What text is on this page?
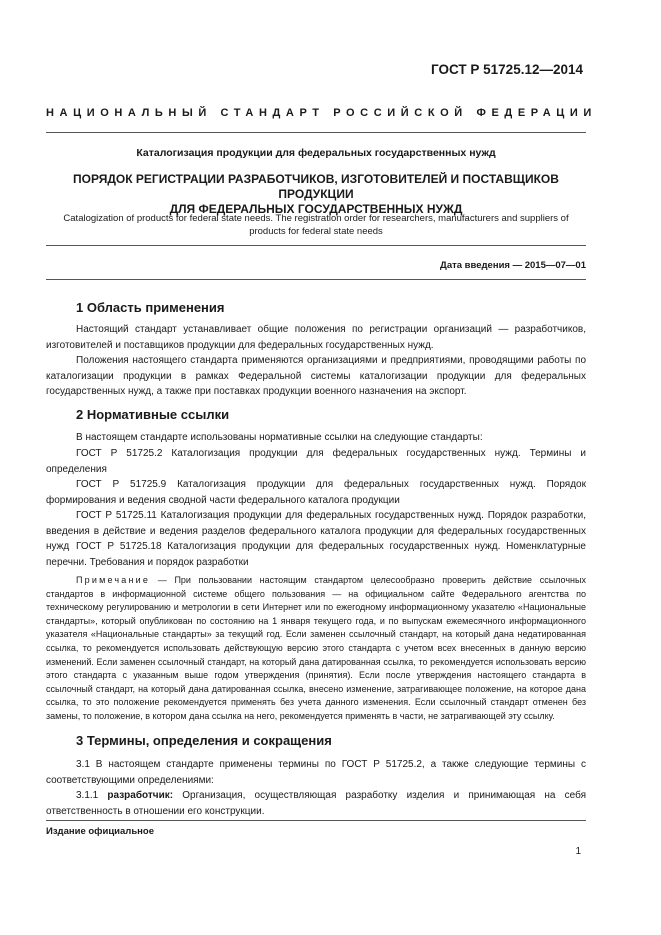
ГОСТ Р 51725.12—2014
НАЦИОНАЛЬНЫЙ СТАНДАРТ РОССИЙСКОЙ ФЕДЕРАЦИИ
Каталогизация продукции для федеральных государственных нужд
ПОРЯДОК РЕГИСТРАЦИИ РАЗРАБОТЧИКОВ, ИЗГОТОВИТЕЛЕЙ И ПОСТАВЩИКОВ ПРОДУКЦИИ
ДЛЯ ФЕДЕРАЛЬНЫХ ГОСУДАРСТВЕННЫХ НУЖД
Catalogization of products for federal state needs. The registration order for researchers, manufacturers and suppliers of
products for federal state needs
Дата введения — 2015—07—01
1 Область применения

Настоящий стандарт устанавливает общие положения по регистрации организаций — разработчиков, изготовителей и поставщиков продукции для федеральных государственных нужд.

Положения настоящего стандарта применяются организациями и предприятиями, проводящими работы по каталогизации продукции в рамках Федеральной системы каталогизации продукции для федеральных государственных нужд, а также при поставках продукции военного назначения на экспорт.

2 Нормативные ссылки

В настоящем стандарте использованы нормативные ссылки на следующие стандарты:

ГОСТ Р 51725.2 Каталогизация продукции для федеральных государственных нужд. Термины и определения

ГОСТ Р 51725.9 Каталогизация продукции для федеральных государственных нужд. Порядок формирования и ведения сводной части федерального каталога продукции

ГОСТ Р 51725.11 Каталогизация продукции для федеральных государственных нужд. Порядок разработки, введения в действие и ведения разделов федерального каталога продукции для федеральных государственных нужд ГОСТ Р 51725.18 Каталогизация продукции для федеральных государственных нужд. Номенклатурные перечни. Требования и порядок разработки

Примечание — При пользовании настоящим стандартом целесообразно проверить действие ссылочных стандартов в информационной системе общего пользования — на официальном сайте Федерального агентства по техническому регулированию и метрологии в сети Интернет или по ежегодному информационному указателю «Национальные стандарты», который опубликован по состоянию на 1 января текущего года, и по выпускам ежемесячного информационного указателя «Национальные стандарты» за текущий год. Если заменен ссылочный стандарт, на который дана недатированная ссылка, то рекомендуется использовать действующую версию этого стандарта с учетом всех внесенных в данную версию изменений. Если заменен ссылочный стандарт, на который дана датированная ссылка, то рекомендуется использовать версию этого стандарта с указанным выше годом утверждения (принятия). Если после утверждения настоящего стандарта в ссылочный стандарт, на который дана датированная ссылка, внесено изменение, затрагивающее положение, на которое дана ссылка, то это положение рекомендуется применять без учета данного изменения. Если ссылочный стандарт отменен без замены, то положение, в котором дана ссылка на него, рекомендуется применять в части, не затрагивающей эту ссылку.

3 Термины, определения и сокращения

3.1 В настоящем стандарте применены термины по ГОСТ Р 51725.2, а также следующие термины с соответствующими определениями:

3.1.1 разработчик: Организация, осуществляющая разработку изделия и принимающая на себя ответственность в отношении его конструкции.

Издание официальное
1
